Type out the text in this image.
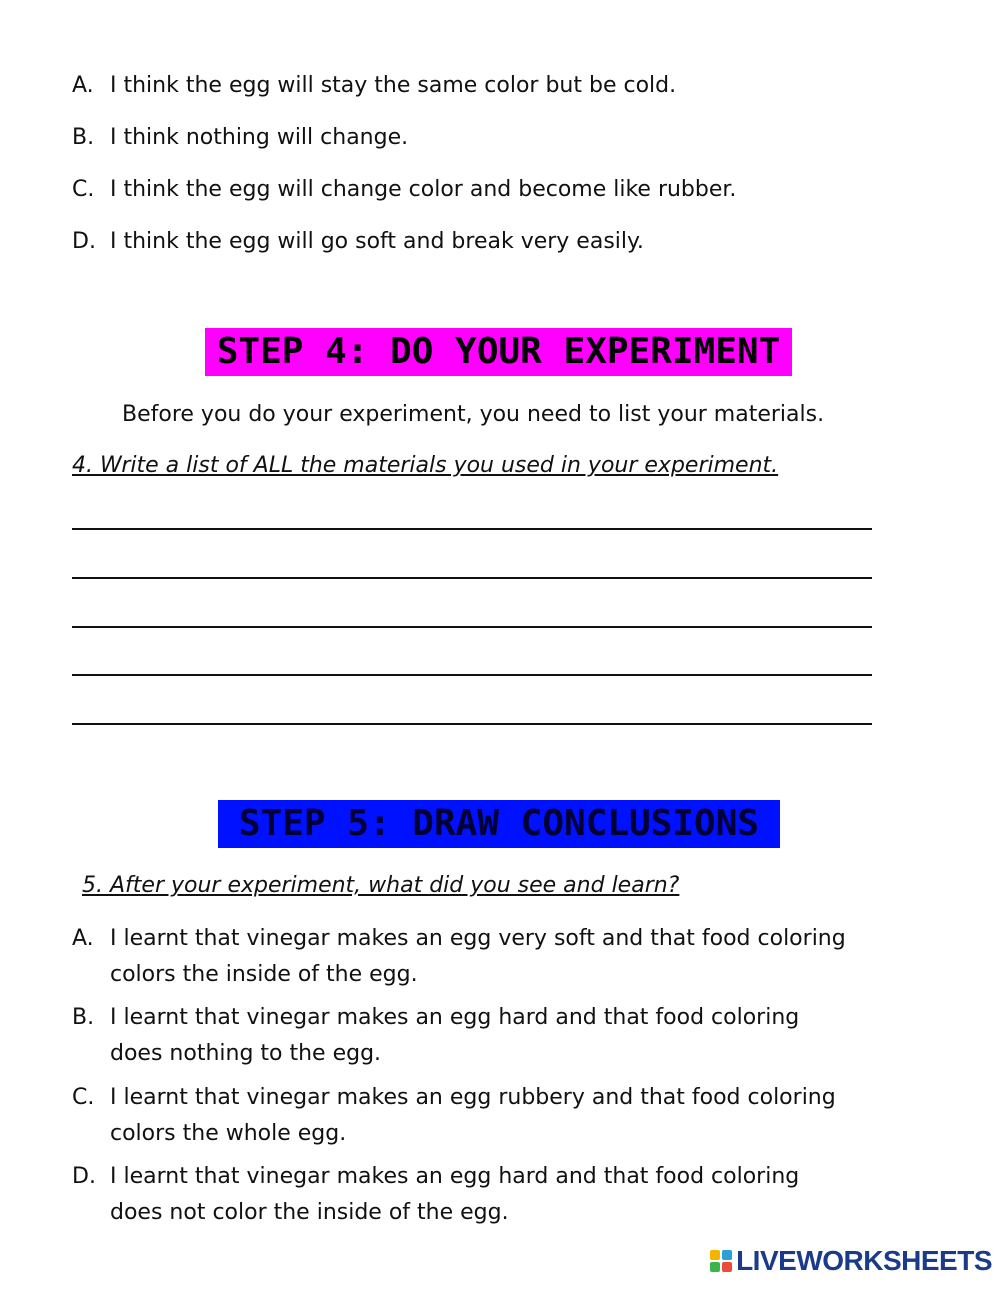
A. I think the egg will stay the same color but be cold.
B. I think nothing will change.
C. I think the egg will change color and become like rubber.
D. I think the egg will go soft and break very easily.
STEP 4: DO YOUR EXPERIMENT
Before you do your experiment, you need to list your materials.
4. Write a list of ALL the materials you used in your experiment.
STEP 5: DRAW CONCLUSIONS
5. After your experiment, what did you see and learn?
A. I learnt that vinegar makes an egg very soft and that food coloring
colors the inside of the egg.
B. I learnt that vinegar makes an egg hard and that food coloring
does nothing to the egg.
C. I learnt that vinegar makes an egg rubbery and that food coloring
colors the whole egg.
D. I learnt that vinegar makes an egg hard and that food coloring
does not color the inside of the egg.
LIVEWORKSHEETS
